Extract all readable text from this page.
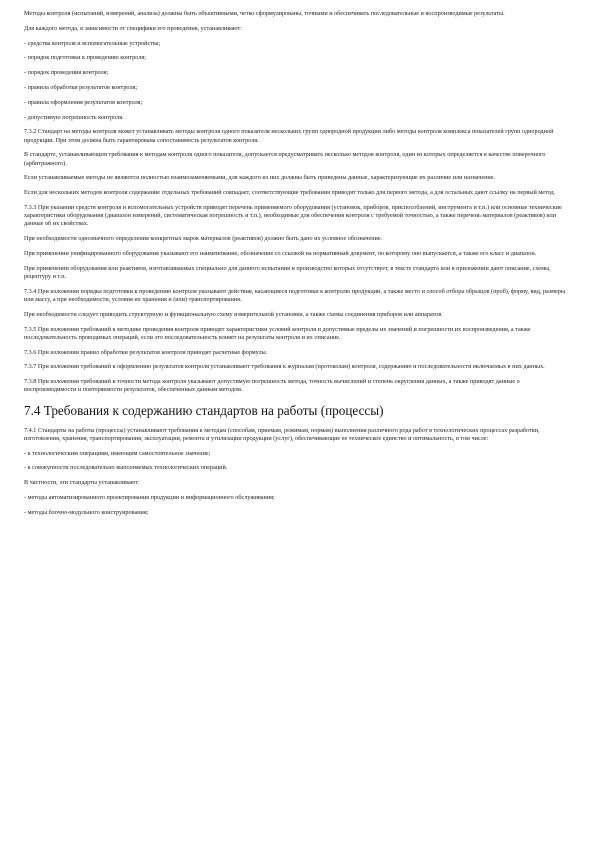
Методы контроля (испытаний, измерений, анализа) должны быть объективными, четко сформулированы, точными и обеспечивать последовательные и воспроизводимые результаты.

Для каждого метода, в зависимости от специфики его проведения, устанавливают:

- средства контроля и вспомогательные устройства;

- порядок подготовки к проведению контроля;

- порядок проведения контроля;

- правила обработки результатов контроля;

- правила оформления результатов контроля;

- допустимую погрешность контроля.

7.3.2 Стандарт на методы контроля может устанавливать методы контроля одного показателя нескольких групп однородной продукции либо методы контроля комплекса показателей групп однородной продукции. При этом должна быть гарантирована сопоставимость результатов контроля.

В стандарте, устанавливающем требования к методам контроля одного показателя, допускается предусматривать несколько методов контроля, один из которых определяется в качестве поверочного (арбитражного).

Если устанавливаемые методы не являются полностью взаимозаменяемыми, для каждого из них должны быть приведены данные, характеризующие их различие или назначение.

Если для нескольких методов контроля содержание отдельных требований совпадает, соответствующие требования приводят только для первого метода, а для остальных дают ссылку на первый метод.

7.3.3 При указании средств контроля и вспомогательных устройств приводят перечень применяемого оборудования (установок, приборов, приспособлений, инструмента и т.п.) или основные технические характеристики оборудования (диапазон измерений, систематическая погрешность и т.п.), необходимые для обеспечения контроля с требуемой точностью, а также перечень материалов (реактивов) или данные об их свойствах.

При необходимости однозначного определения конкретных марок материалов (реактивов) должно быть дано их условное обозначение.

При применении унифицированного оборудования указывают его наименование, обозначение со ссылкой на нормативный документ, по которому оно выпускается, а также его класс и диапазон.

При применении оборудования или реактивов, изготавливаемых специально для данного испытания и производство которых отсутствует, в тексте стандарта или в приложении дают описание, схемы, рецептуру и т.п.

7.3.4 При изложении порядка подготовки к проведению контроля указывают действия, касающиеся подготовки к контролю продукции, а также место и способ отбора образцов (проб), форму, вид, размеры или массу, а при необходимости, условия их хранения и (или) транспортирования.

При необходимости следует приводить структурную и функциональную схему измерительной установки, а также схемы соединения приборов или аппаратов.

7.3.5 При изложении требований к методике проведения контроля приводят характеристики условий контроля и допустимые пределы их значений и погрешности их воспроизведения, а также последовательность проводимых операций, если это последовательность влияет на результаты контроля и их описание.

7.3.6 При изложении правил обработки результатов контроля приводят расчетные формулы.

7.3.7 При изложении требований к оформлению результатов контроля устанавливают требования к журналам (протоколам) контроля, содержанию и последовательности включаемых в них данных.

7.3.8 При изложении требований к точности метода контроля указывают допустимую погрешность метода, точность вычислений и степень округления данных, а также приводят данные о воспроизводимости и повторяемости результатов, обеспеченных данным методом.

7.4 Требования к содержанию стандартов на работы (процессы)

7.4.1 Стандарты на работы (процессы) устанавливают требования к методам (способам, приемам, режимам, нормам) выполнения различного рода работ в технологических процессах разработки, изготовления, хранения, транспортирования, эксплуатации, ремонта и утилизации продукции (услуг), обеспечивающие ее техническое единство и оптимальность, в том числе:

- к технологическим операциям, имеющим самостоятельное значение;

- к совокупности последовательно выполняемых технологических операций.

В частности, эти стандарты устанавливают:

- методы автоматизированного проектирования продукции и информационного обслуживания;

- методы блочно-модульного конструирования;
